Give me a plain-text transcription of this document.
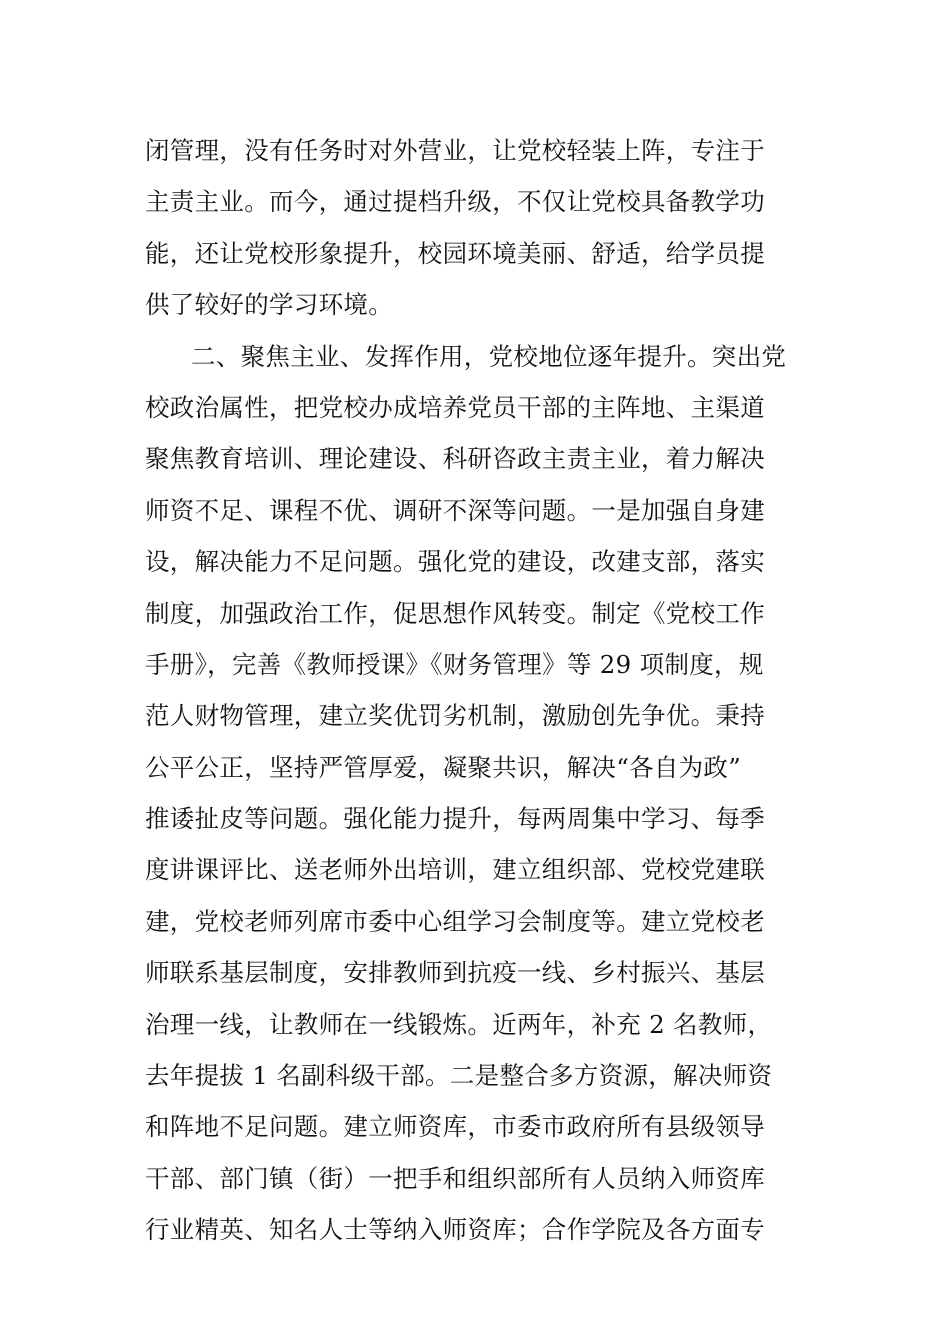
闭管理，没有任务时对外营业，让党校轻装上阵，专注于
主责主业。而今，通过提档升级，不仅让党校具备教学功
能，还让党校形象提升，校园环境美丽、舒适，给学员提
供了较好的学习环境。
二、聚焦主业、发挥作用，党校地位逐年提升。突出党
校政治属性，把党校办成培养党员干部的主阵地、主渠道
聚焦教育培训、理论建设、科研咨政主责主业，着力解决
师资不足、课程不优、调研不深等问题。一是加强自身建
设，解决能力不足问题。强化党的建设，改建支部，落实
制度，加强政治工作，促思想作风转变。制定《党校工作
手册》，完善《教师授课》《财务管理》等 29 项制度，规
范人财物管理，建立奖优罚劣机制，激励创先争优。秉持
公平公正，坚持严管厚爱，凝聚共识，解决“各自为政”
推诿扯皮等问题。强化能力提升，每两周集中学习、每季
度讲课评比、送老师外出培训，建立组织部、党校党建联
建，党校老师列席市委中心组学习会制度等。建立党校老
师联系基层制度，安排教师到抗疫一线、乡村振兴、基层
治理一线，让教师在一线锻炼。近两年，补充 2 名教师，
去年提拔 1 名副科级干部。二是整合多方资源，解决师资
和阵地不足问题。建立师资库，市委市政府所有县级领导
干部、部门镇（街）一把手和组织部所有人员纳入师资库
行业精英、知名人士等纳入师资库；合作学院及各方面专
